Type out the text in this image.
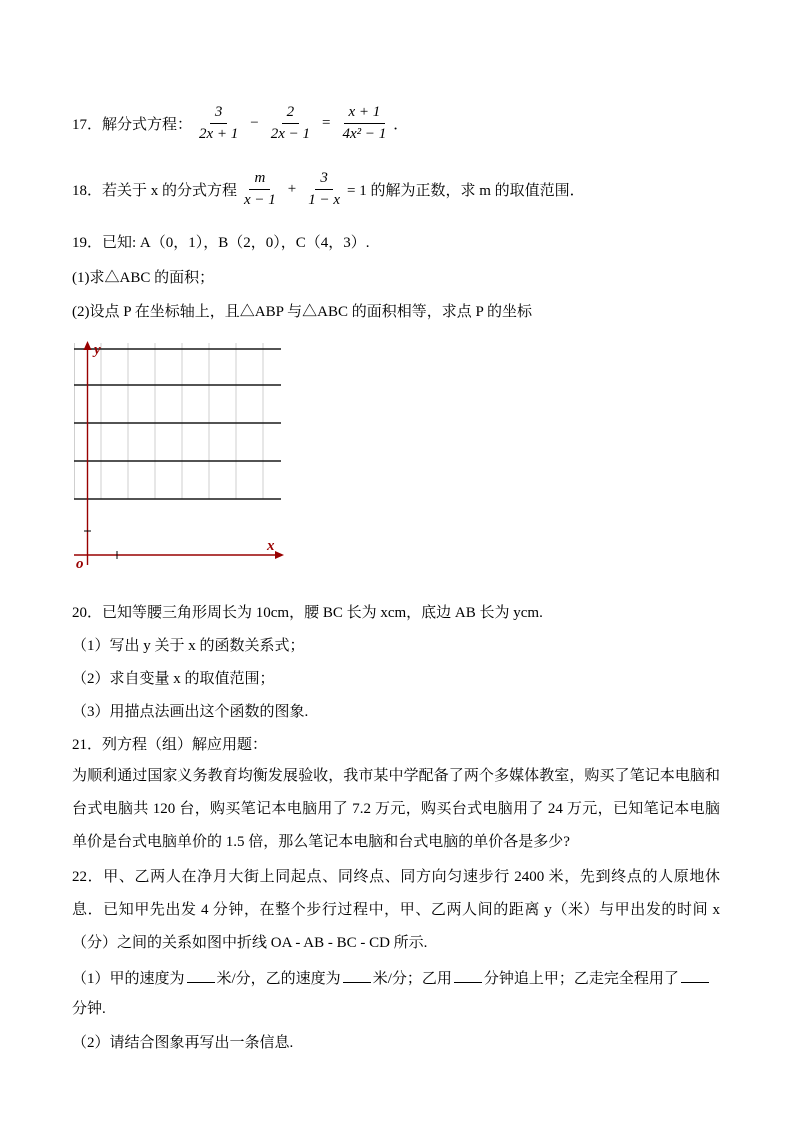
17．解分式方程： $\frac{3}{2x + 1} - \frac{2}{2x - 1} = \frac{x + 1}{\text{4x² − 1}}$ ．
18．若关于 x 的分式方程 $\frac{m}{x - 1} + \frac{3}{1 - x} = 1$ 的解为正数，求 m 的取值范围．

19．已知: A（0，1），B（2，0），C（4，3）.

(1)求△ABC 的面积；

(2)设点 P 在坐标轴上，且△ABP 与△ABC 的面积相等，求点 P 的坐标

y
x
o

20．已知等腰三角形周长为 10cm，腰 BC 长为 xcm，底边 AB 长为 ycm.

（1）写出 y 关于 x 的函数关系式；

（2）求自变量 x 的取值范围；

（3）用描点法画出这个函数的图象.

21．列方程（组）解应用题：

为顺利通过国家义务教育均衡发展验收，我市某中学配备了两个多媒体教室，购买了笔记本电脑和台式电脑共 120 台，购买笔记本电脑用了 7.2 万元，购买台式电脑用了 24 万元，已知笔记本电脑单价是台式电脑单价的 1.5 倍，那么笔记本电脑和台式电脑的单价各是多少?

22．甲、乙两人在净月大街上同起点、同终点、同方向匀速步行 2400 米，先到终点的人原地休息．已知甲先出发 4 分钟，在整个步行过程中，甲、乙两人间的距离 y（米）与甲出发的时间 x（分）之间的关系如图中折线 OA - AB - BC - CD 所示.

（1）甲的速度为 米/分，乙的速度为 米/分；乙用 分钟追上甲；乙走完全程用了分钟.

（2）请结合图象再写出一条信息.
